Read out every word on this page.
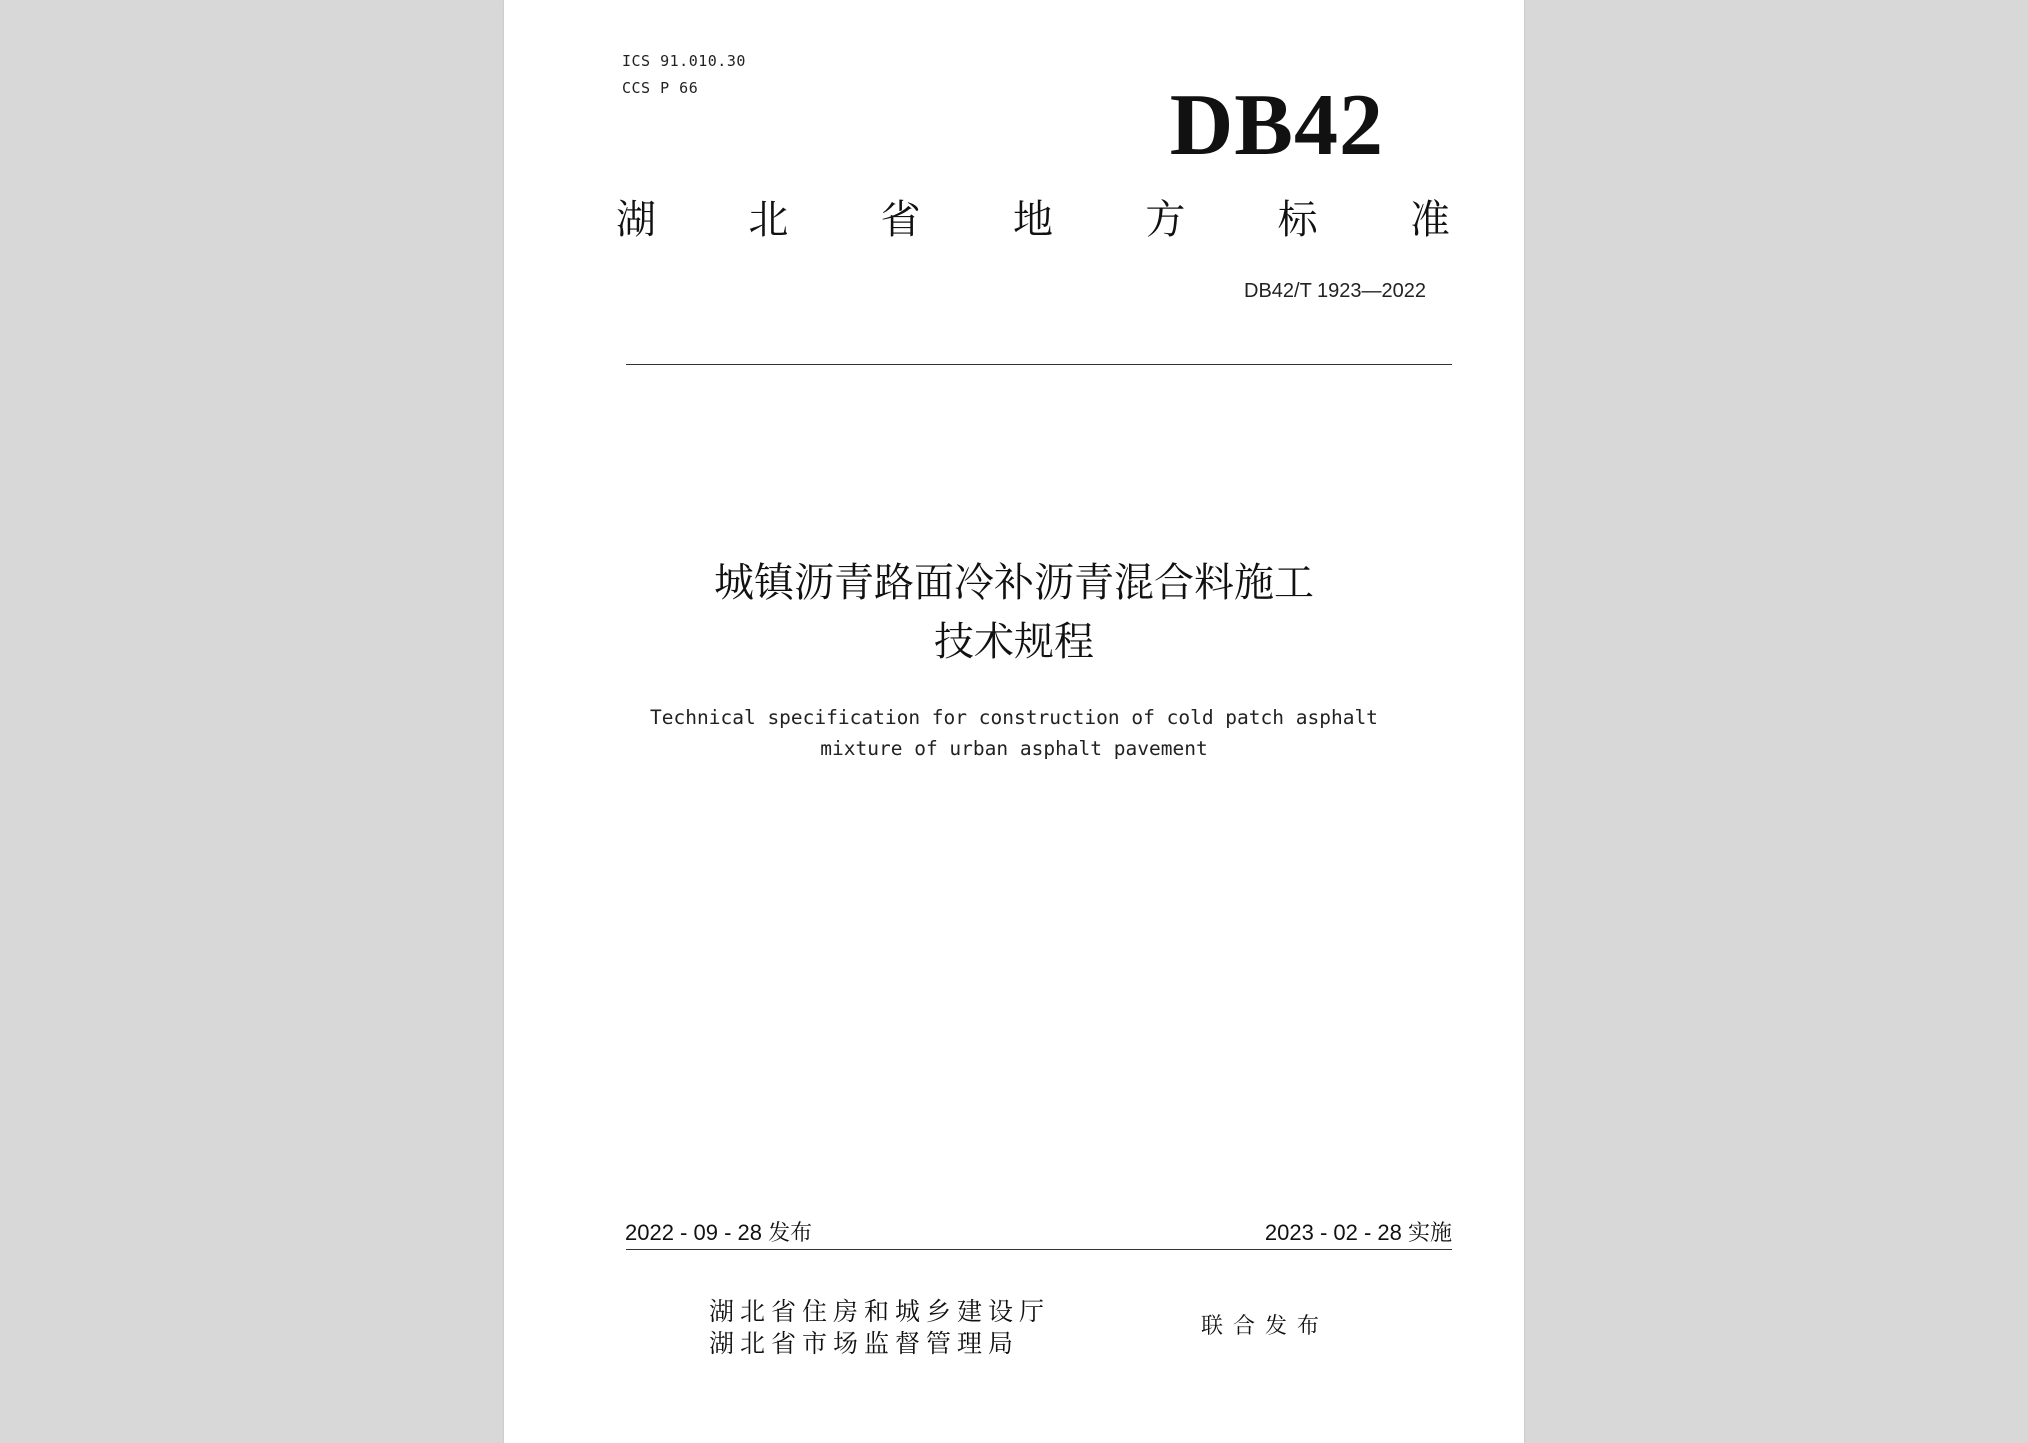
ICS 91.010.30
CCS P 66	DB42
湖 北 省 地 方 标 准
DB42/T 1923—2022
城镇沥青路面冷补沥青混合料施工
技术规程
Technical specification for construction of cold patch asphalt
mixture of urban asphalt pavement
2022 - 09 - 28 发布	2023 - 02 - 28 实施
湖北省住房和城乡建设厅
湖北省市场监督管理局
联合发布
